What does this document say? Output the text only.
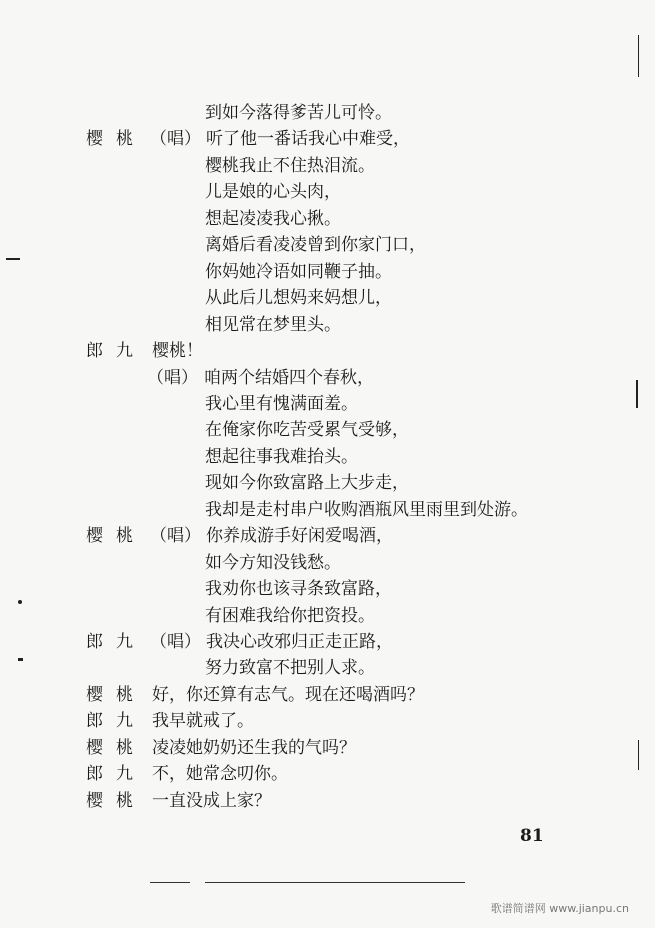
到如今落得爹苦儿可怜。
樱桃 （唱） 听了他一番话我心中难受，
樱桃我止不住热泪流。
儿是娘的心头肉，
想起凌凌我心揪。
离婚后看凌凌曾到你家门口，
你妈她冷语如同鞭子抽。
从此后儿想妈来妈想儿，
相见常在梦里头。
郎九 樱桃！
（唱） 咱两个结婚四个春秋，
我心里有愧满面羞。
在俺家你吃苦受累气受够，
想起往事我难抬头。
现如今你致富路上大步走，
我却是走村串户收购酒瓶风里雨里到处游。
樱桃 （唱） 你养成游手好闲爱喝酒，
如今方知没钱愁。
我劝你也该寻条致富路，
有困难我给你把资投。
郎九 （唱） 我决心改邪归正走正路，
努力致富不把别人求。
樱桃 好，你还算有志气。现在还喝酒吗？
郎九 我早就戒了。
樱桃 凌凌她奶奶还生我的气吗？
郎九 不，她常念叨你。
樱桃 一直没成上家？
81
歌谱简谱网 www.jianpu.cn
